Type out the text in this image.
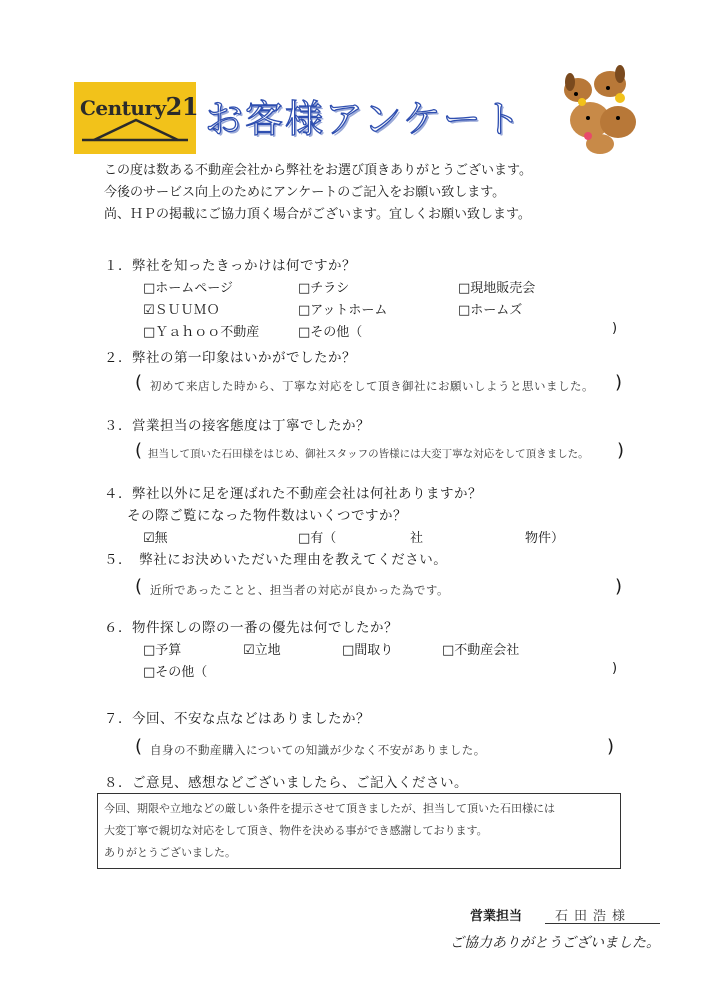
Century21 お客様アンケート
この度は数ある不動産会社から弊社をお選び頂きありがとうございます。
今後のサービス向上のためにアンケートのご記入をお願い致します。
尚、ＨＰの掲載にご協力頂く場合がございます。宜しくお願い致します。
１．弊社を知ったきっかけは何ですか？
□ホームページ	□チラシ	□現地販売会
☑ＳＵＵＭＯ	□アットホーム	□ホームズ
□Ｙａｈｏｏ不動産	□その他（	)
２．弊社の第一印象はいかがでしたか？
( 初めて来店した時から、丁寧な対応をして頂き御社にお願いしようと思いました。 )
３．営業担当の接客態度は丁寧でしたか？
( 担当して頂いた石田様をはじめ、御社スタッフの皆様には大変丁寧な対応をして頂きました。 )
４．弊社以外に足を運ばれた不動産会社は何社ありますか？
その際ご覧になった物件数はいくつですか？
☑無	□有（	社	物件）
５．　弊社にお決めいただいた理由を教えてください。
( 近所であったことと、担当者の対応が良かった為です。	)
６．物件探しの際の一番の優先は何でしたか？
□予算	☑立地	□間取り	□不動産会社
□その他（	)
７．今回、不安な点などはありましたか？
( 自身の不動産購入についての知識が少なく不安がありました。	)
８．ご意見、感想などございましたら、ご記入ください。
今回、期限や立地などの厳しい条件を提示させて頂きましたが、担当して頂いた石田様には
大変丁寧で親切な対応をして頂き、物件を決める事ができ感謝しております。
ありがとうございました。
営業担当	石田浩様
ご協力ありがとうございました。
